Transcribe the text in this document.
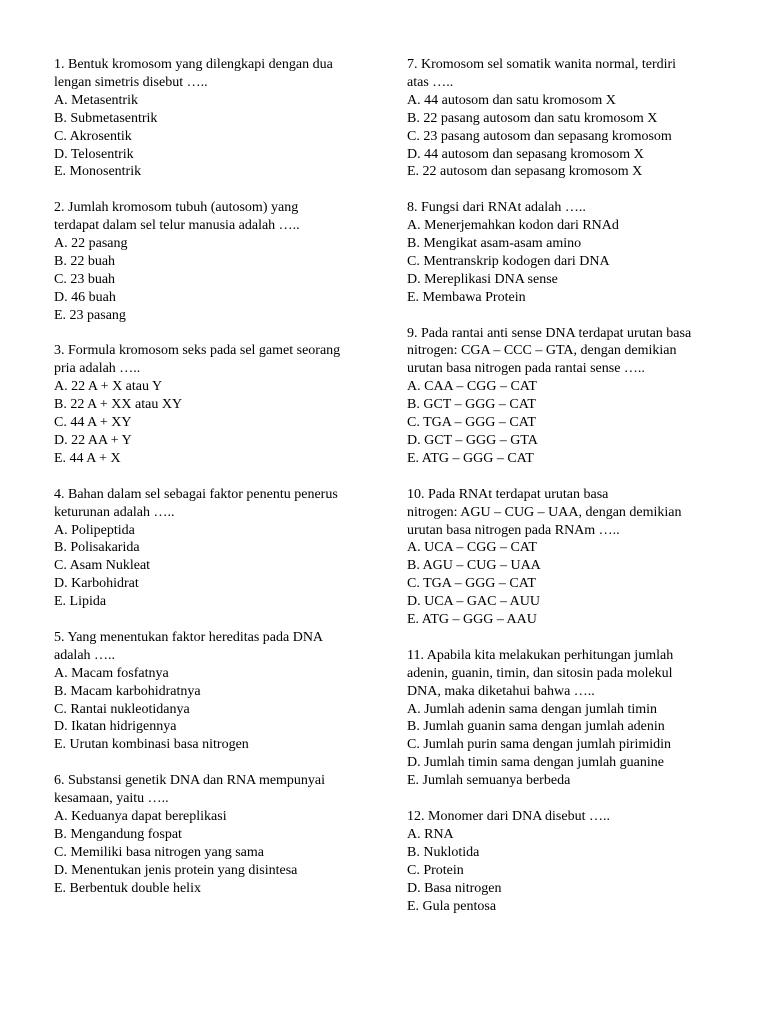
1. Bentuk kromosom yang dilengkapi dengan dua
lengan simetris disebut …..
A. Metasentrik
B. Submetasentrik
C. Akrosentik
D. Telosentrik
E. Monosentrik
2. Jumlah kromosom tubuh (autosom) yang
terdapat dalam sel telur manusia adalah …..
A. 22 pasang
B. 22 buah
C. 23 buah
D. 46 buah
E. 23 pasang
3. Formula kromosom seks pada sel gamet seorang
pria adalah …..
A. 22 A + X atau Y
B. 22 A + XX atau XY
C. 44 A + XY
D. 22 AA + Y
E. 44 A + X
4. Bahan dalam sel sebagai faktor penentu penerus
keturunan adalah …..
A. Polipeptida
B. Polisakarida
C. Asam Nukleat
D. Karbohidrat
E. Lipida
5. Yang menentukan faktor hereditas pada DNA
adalah …..
A. Macam fosfatnya
B. Macam karbohidratnya
C. Rantai nukleotidanya
D. Ikatan hidrigennya
E. Urutan kombinasi basa nitrogen
6. Substansi genetik DNA dan RNA mempunyai
kesamaan, yaitu …..
A. Keduanya dapat bereplikasi
B. Mengandung fospat
C. Memiliki basa nitrogen yang sama
D. Menentukan jenis protein yang disintesa
E. Berbentuk double helix
7. Kromosom sel somatik wanita normal, terdiri
atas …..
A. 44 autosom dan satu kromosom X
B. 22 pasang autosom dan satu kromosom X
C. 23 pasang autosom dan sepasang kromosom
D. 44 autosom dan sepasang kromosom X
E. 22 autosom dan sepasang kromosom X
8. Fungsi dari RNAt adalah …..
A. Menerjemahkan kodon dari RNAd
B. Mengikat asam-asam amino
C. Mentranskrip kodogen dari DNA
D. Mereplikasi DNA sense
E. Membawa Protein
9. Pada rantai anti sense DNA terdapat urutan basa
nitrogen: CGA – CCC – GTA, dengan demikian
urutan basa nitrogen pada rantai sense …..
A. CAA – CGG – CAT
B. GCT – GGG – CAT
C. TGA – GGG – CAT
D. GCT – GGG – GTA
E. ATG – GGG – CAT
10. Pada RNAt terdapat urutan basa
nitrogen: AGU – CUG – UAA, dengan demikian
urutan basa nitrogen pada RNAm …..
A. UCA – CGG – CAT
B. AGU – CUG – UAA
C. TGA – GGG – CAT
D. UCA – GAC – AUU
E. ATG – GGG – AAU
11. Apabila kita melakukan perhitungan jumlah
adenin, guanin, timin, dan sitosin pada molekul
DNA, maka diketahui bahwa …..
A. Jumlah adenin sama dengan jumlah timin
B. Jumlah guanin sama dengan jumlah adenin
C. Jumlah purin sama dengan jumlah pirimidin
D. Jumlah timin sama dengan jumlah guanine
E. Jumlah semuanya berbeda
12. Monomer dari DNA disebut …..
A. RNA
B. Nuklotida
C. Protein
D. Basa nitrogen
E. Gula pentosa
